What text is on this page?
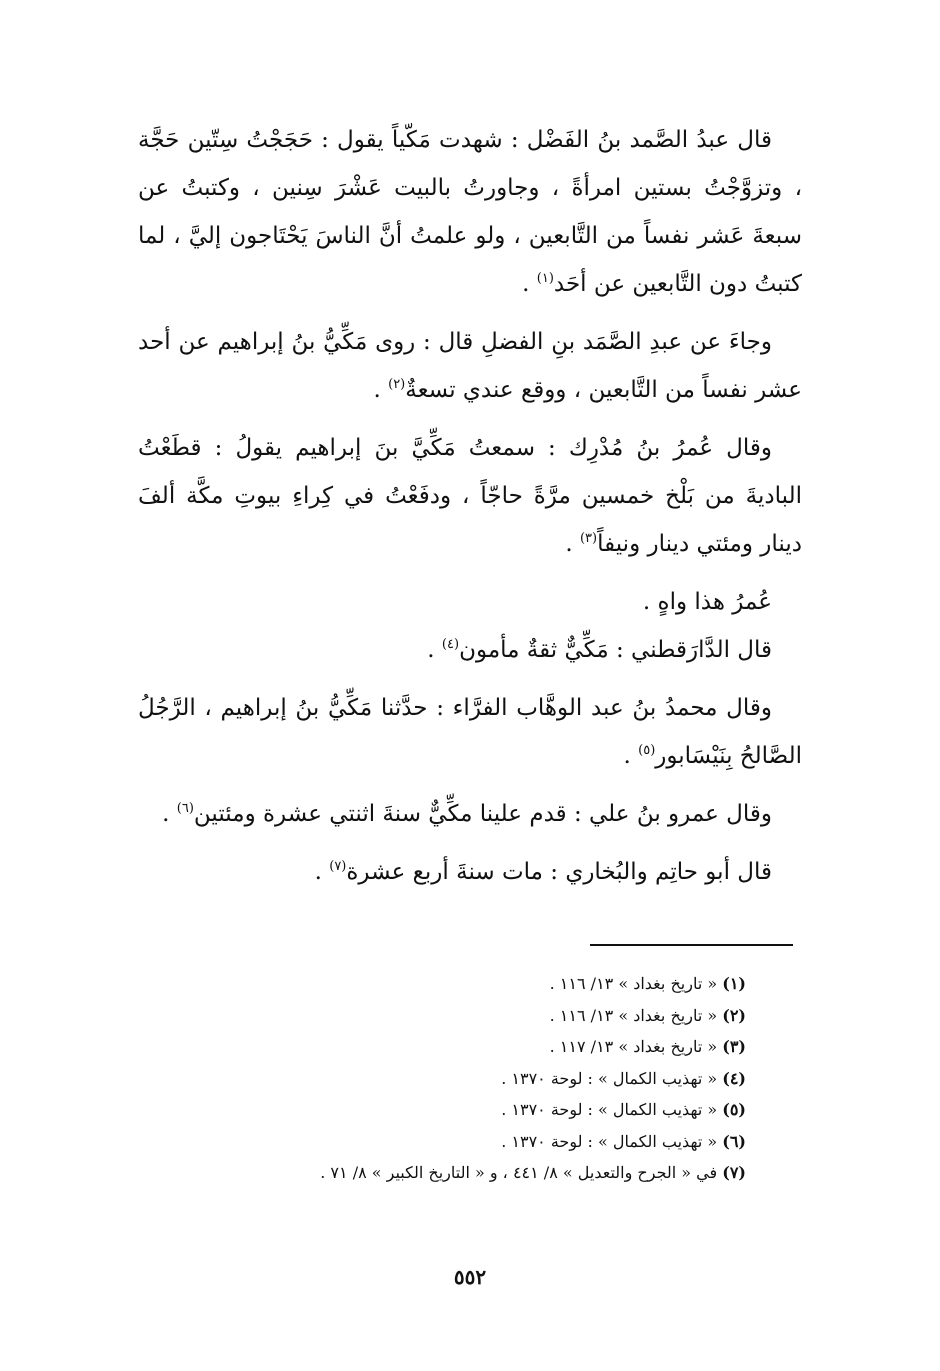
قال عبدُ الصَّمد بنُ الفَضْل : شهدت مَكّياً يقول : حَجَجْتُ سِتّين حَجَّة ، وتزوَّجْتُ بستين امرأةً ، وجاورتُ بالبيت عَشْرَ سِنين ، وكتبتُ عن سبعةَ عَشر نفساً من التَّابعين ، ولو علمتُ أنَّ الناسَ يَحْتَاجون إليَّ ، لما كتبتُ دون التَّابعين عن أحَد$^{(١)}$ .

وجاءَ عن عبدِ الصَّمَد بنِ الفضلِ قال : روى مَكِّيُّ بنُ إبراهيم عن أحد عشر نفساً من التَّابعين ، ووقع عندي تسعةٌ$^{(٢)}$ .

وقال عُمرُ بنُ مُدْرِك : سمعتُ مَكِّيَّ بنَ إبراهيم يقولُ : قطَعْتُ الباديةَ من بَلْخ خمسين مرَّةً حاجّاً ، ودفَعْتُ في كِراءِ بيوتِ مكَّة ألفَ دينار ومئتي دينار ونيفاً$^{(٣)}$ .

عُمرُ هذا واهٍ .

قال الدَّارَقطني : مَكِّيٌّ ثقةٌ مأمون$^{(٤)}$ .

وقال محمدُ بنُ عبد الوهَّاب الفرَّاء : حدَّثنا مَكِّيُّ بنُ إبراهيم ، الرَّجُلُ الصَّالحُ بِنَيْسَابور$^{(٥)}$ .

وقال عمرو بنُ علي : قدم علينا مكِّيٌّ سنةَ اثنتي عشرة ومئتين$^{(٦)}$ .

قال أبو حاتِم والبُخاري : مات سنةَ أربع عشرة$^{(٧)}$ .

(١) « تاريخ بغداد » ١٣/ ١١٦ .

(٢) « تاريخ بغداد » ١٣/ ١١٦ .

(٣) « تاريخ بغداد » ١٣/ ١١٧ .

(٤) « تهذيب الكمال » : لوحة ١٣٧٠ .

(٥) « تهذيب الكمال » : لوحة ١٣٧٠ .

(٦) « تهذيب الكمال » : لوحة ١٣٧٠ .

(٧) في « الجرح والتعديل » ٨/ ٤٤١ ، و « التاريخ الكبير » ٨/ ٧١ .

٥٥٢
